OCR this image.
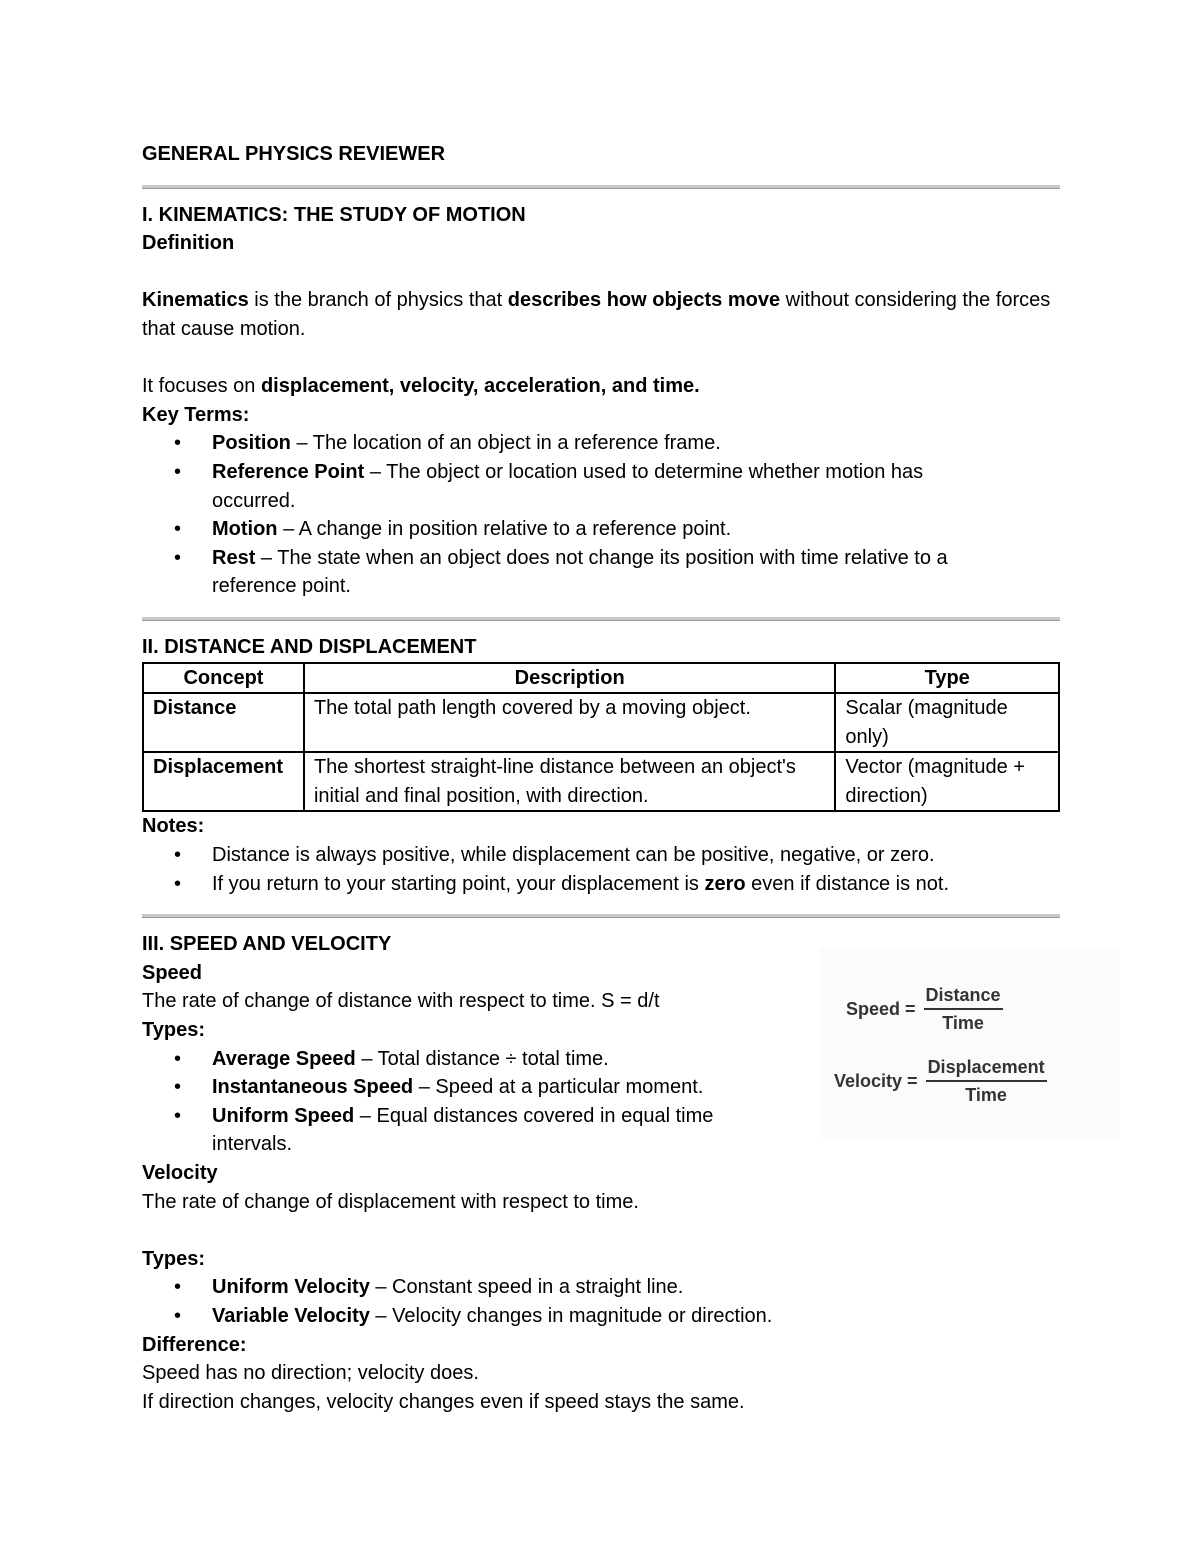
GENERAL PHYSICS REVIEWER

I. KINEMATICS: THE STUDY OF MOTION

Definition

Kinematics is the branch of physics that describes how objects move without considering the forces that cause motion.

It focuses on displacement, velocity, acceleration, and time.

Key Terms:

• Position – The location of an object in a reference frame.
• Reference Point – The object or location used to determine whether motion has occurred.
• Motion – A change in position relative to a reference point.
• Rest – The state when an object does not change its position with time relative to a reference point.

II. DISTANCE AND DISPLACEMENT

Concept	Description	Type
Distance	The total path length covered by a moving object.	Scalar (magnitude only)
Displacement	The shortest straight-line distance between an object's initial and final position, with direction.	Vector (magnitude + direction)

Notes:

• Distance is always positive, while displacement can be positive, negative, or zero.
• If you return to your starting point, your displacement is zero even if distance is not.

III. SPEED AND VELOCITY

Speed

The rate of change of distance with respect to time. S = d/t

Types:

• Average Speed – Total distance ÷ total time.
• Instantaneous Speed – Speed at a particular moment.
• Uniform Speed – Equal distances covered in equal time intervals.

Velocity

The rate of change of displacement with respect to time.

Types:

• Uniform Velocity – Constant speed in a straight line.
• Variable Velocity – Velocity changes in magnitude or direction.

Difference:

Speed has no direction; velocity does.

If direction changes, velocity changes even if speed stays the same.

Speed = $\frac{\text{Distance}}{\text{Time}}$
Velocity = $\frac{\text{Displacement}}{\text{Time}}$
